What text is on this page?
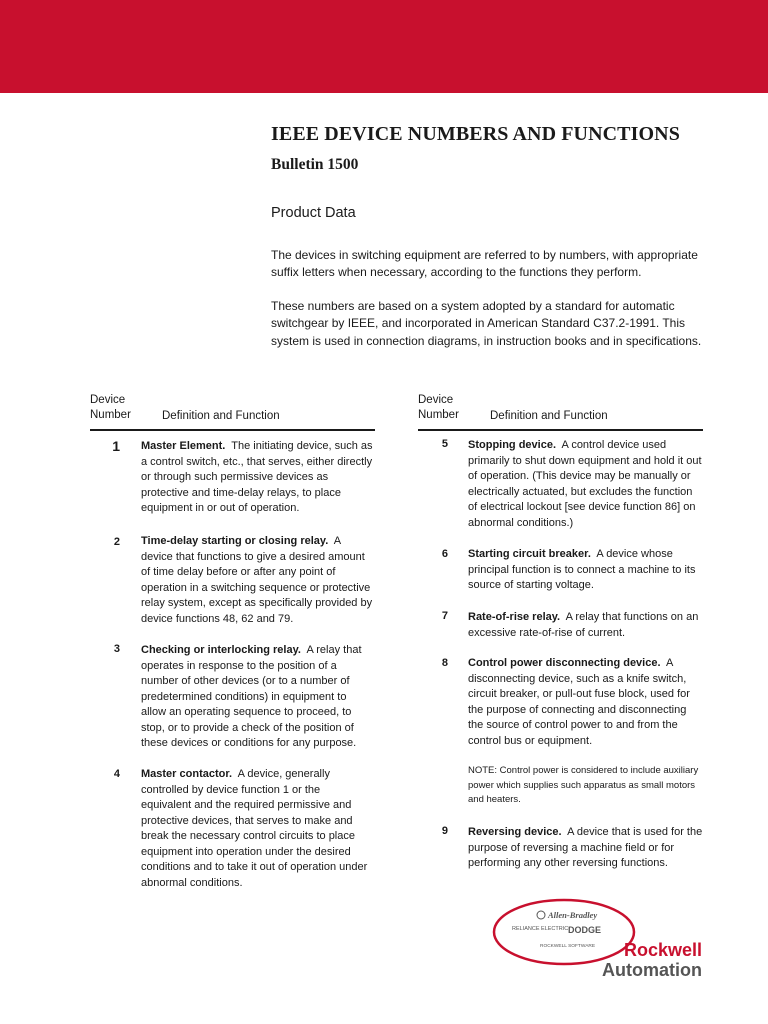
IEEE DEVICE NUMBERS AND FUNCTIONS
Bulletin 1500
Product Data
The devices in switching equipment are referred to by numbers, with appropriate suffix letters when necessary, according to the functions they perform.
These numbers are based on a system adopted by a standard for automatic switchgear by IEEE, and incorporated in American Standard C37.2-1991. This system is used in connection diagrams, in instruction books and in specifications.
Device Number	Definition and Function
Device Number	Definition and Function
1 Master Element. The initiating device, such as a control switch, etc., that serves, either directly or through such permissive devices as protective and time-delay relays, to place equipment in or out of operation.
2 Time-delay starting or closing relay. A device that functions to give a desired amount of time delay before or after any point of operation in a switching sequence or protective relay system, except as specifically provided by device functions 48, 62 and 79.
3 Checking or interlocking relay. A relay that operates in response to the position of a number of other devices (or to a number of predetermined conditions) in equipment to allow an operating sequence to proceed, to stop, or to provide a check of the position of these devices or conditions for any purpose.
4 Master contactor. A device, generally controlled by device function 1 or the equivalent and the required permissive and protective devices, that serves to make and break the necessary control circuits to place equipment into operation under the desired conditions and to take it out of operation under abnormal conditions.
5 Stopping device. A control device used primarily to shut down equipment and hold it out of operation. (This device may be manually or electrically actuated, but excludes the function of electrical lockout [see device function 86] on abnormal conditions.)
6 Starting circuit breaker. A device whose principal function is to connect a machine to its source of starting voltage.
7 Rate-of-rise relay. A relay that functions on an excessive rate-of-rise of current.
8 Control power disconnecting device. A disconnecting device, such as a knife switch, circuit breaker, or pull-out fuse block, used for the purpose of connecting and disconnecting the source of control power to and from the control bus or equipment.
NOTE: Control power is considered to include auxiliary power which supplies such apparatus as small motors and heaters.
9 Reversing device. A device that is used for the purpose of reversing a machine field or for performing any other reversing functions.
Allen-Bradley
RELIANCE ELECTRIC DODGE
ROCKWELL SOFTWARE Rockwell
Automation
